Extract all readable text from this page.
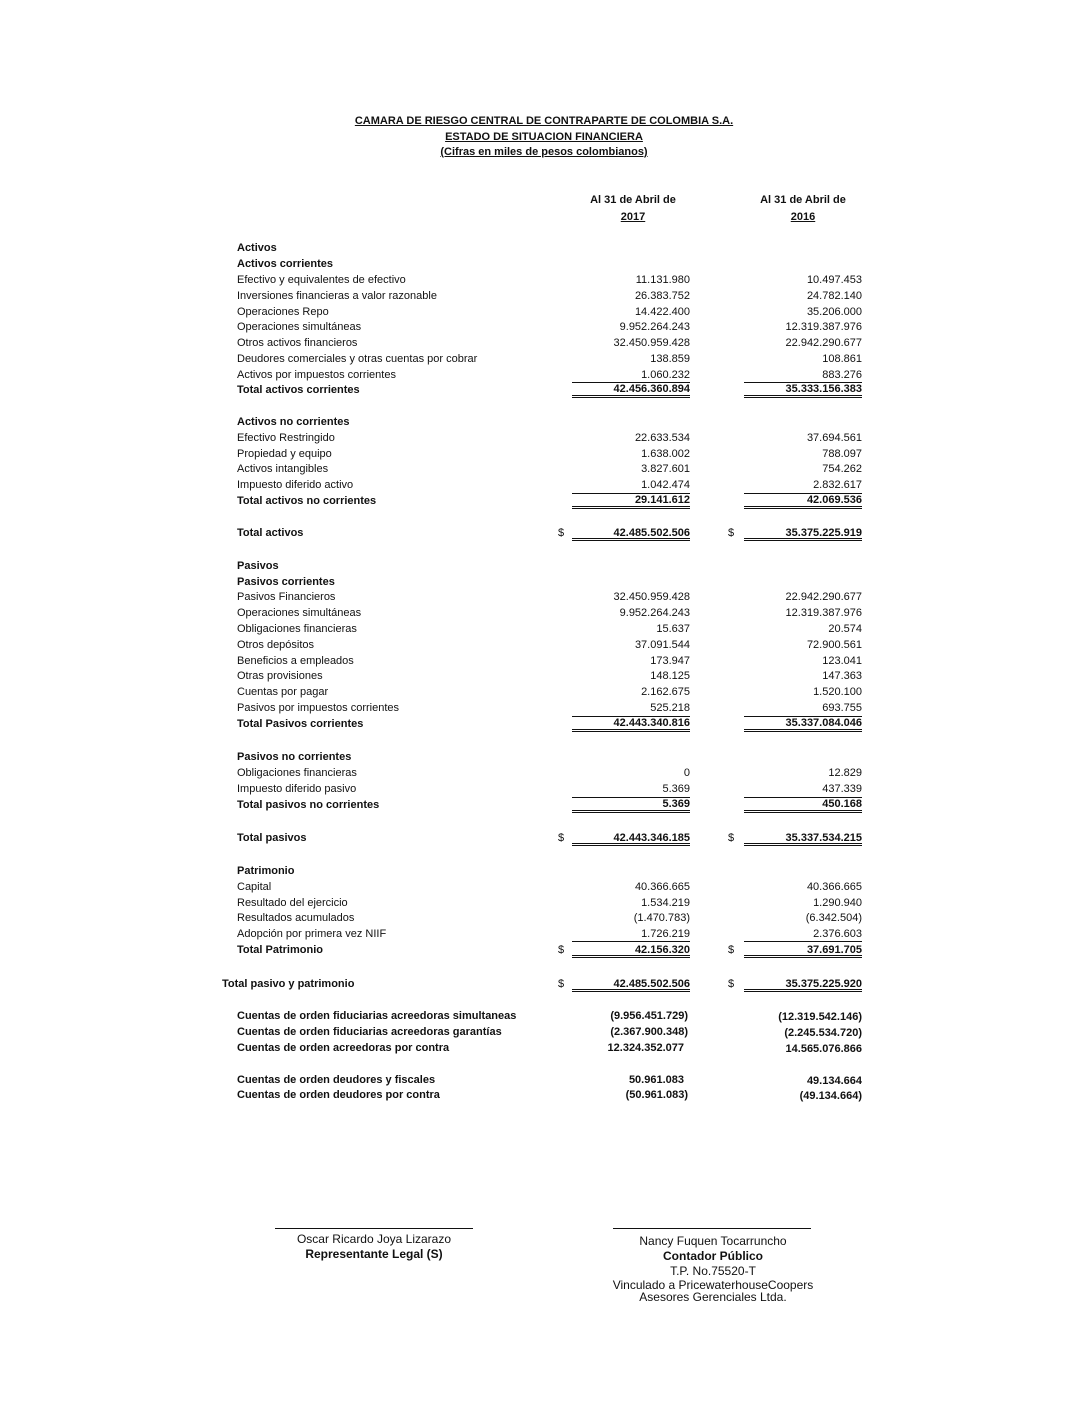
CAMARA DE RIESGO CENTRAL DE CONTRAPARTE DE COLOMBIA S.A.
ESTADO DE SITUACION FINANCIERA
(Cifras en miles de pesos colombianos)
Al 31 de Abril de
2017
Al 31 de Abril de
2016
Activos
Activos corrientes
Efectivo y equivalentes de efectivo	11.131.980	10.497.453
Inversiones financieras a valor razonable	26.383.752	24.782.140
Operaciones Repo	14.422.400	35.206.000
Operaciones simultáneas	9.952.264.243	12.319.387.976
Otros activos financieros	32.450.959.428	22.942.290.677
Deudores comerciales y otras cuentas por cobrar	138.859	108.861
Activos por impuestos corrientes	1.060.232	883.276
Total activos corrientes	42.456.360.894	35.333.156.383
Activos no corrientes
Efectivo Restringido	22.633.534	37.694.561
Propiedad y equipo	1.638.002	788.097
Activos intangibles	3.827.601	754.262
Impuesto diferido activo	1.042.474	2.832.617
Total activos no corrientes	29.141.612	42.069.536
Total activos	$	42.485.502.506	$	35.375.225.919
Pasivos
Pasivos corrientes
Pasivos Financieros	32.450.959.428	22.942.290.677
Operaciones simultáneas	9.952.264.243	12.319.387.976
Obligaciones financieras	15.637	20.574
Otros depósitos	37.091.544	72.900.561
Beneficios a empleados	173.947	123.041
Otras provisiones	148.125	147.363
Cuentas por pagar	2.162.675	1.520.100
Pasivos por impuestos corrientes	525.218	693.755
Total Pasivos corrientes	42.443.340.816	35.337.084.046
Pasivos no corrientes
Obligaciones financieras	0	12.829
Impuesto diferido pasivo	5.369	437.339
Total pasivos no corrientes	5.369	450.168
Total pasivos	$	42.443.346.185	$	35.337.534.215
Patrimonio
Capital	40.366.665	40.366.665
Resultado del ejercicio	1.534.219	1.290.940
Resultados acumulados	(1.470.783)	(6.342.504)
Adopción por primera vez NIIF	1.726.219	2.376.603
Total Patrimonio	$	42.156.320	$	37.691.705
Total pasivo y patrimonio	$	42.485.502.506	$	35.375.225.920
Cuentas de orden fiduciarias acreedoras simultaneas	(9.956.451.729)	(12.319.542.146)
Cuentas de orden fiduciarias acreedoras garantías	(2.367.900.348)	(2.245.534.720)
Cuentas de orden acreedoras por contra	12.324.352.077	14.565.076.866
Cuentas de orden deudores y fiscales	50.961.083	49.134.664
Cuentas de orden deudores por contra	(50.961.083)	(49.134.664)
Oscar Ricardo Joya Lizarazo
Representante Legal (S)
Nancy Fuquen Tocarruncho
Contador Público
T.P. No.75520-T
Vinculado a PricewaterhouseCoopers
Asesores Gerenciales Ltda.
